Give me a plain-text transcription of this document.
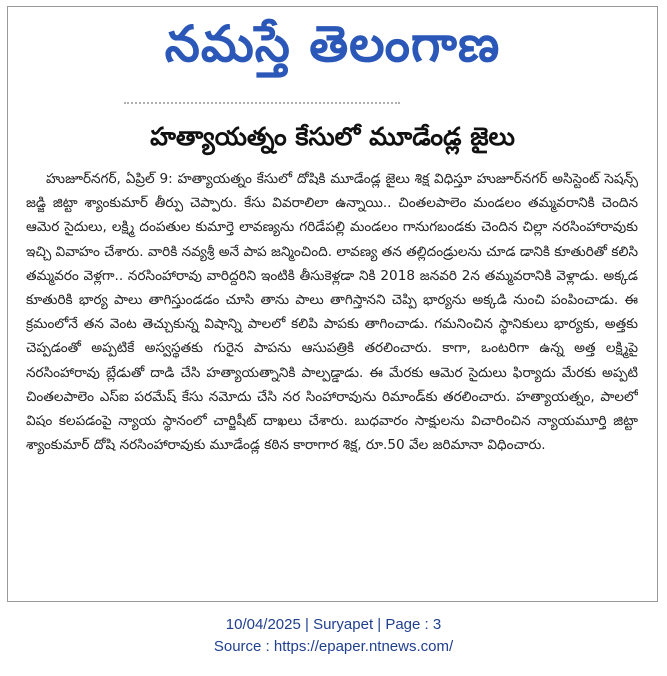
నమస్తే తెలంగాణ
హత్యాయత్నం కేసులో మూడేండ్ల జైలు

హుజూర్‌నగర్, ఏప్రిల్ 9: హత్యాయత్నం కేసులో దోషికి మూడేండ్ల జైలు శిక్ష విధిస్తూ హుజూర్‌నగర్ అసిస్టెంట్ సెషన్స్ జడ్జి జిట్టా శ్యాంకుమార్ తీర్పు చెప్పారు. కేసు వివరాలిలా ఉన్నాయి.. చింతలపాలెం మండలం తమ్మవరానికి చెందిన ఆమెర సైదులు, లక్ష్మి దంపతుల కుమార్తె లావణ్యను గరిడేపల్లి మండలం గానుగబండకు చెందిన చిల్లా నరసింహారావుకు ఇచ్చి వివాహం చేశారు. వారికి నవ్యశ్రీ అనే పాప జన్మించింది. లావణ్య తన తల్లిదండ్రులను చూడ డానికి కూతురితో కలిసి తమ్మవరం వెళ్లగా.. నరసింహారావు వారిద్దరిని ఇంటికి తీసుకెళ్లడా నికి 2018 జనవరి 2న తమ్మవరానికి వెళ్లాడు. అక్కడ కూతురికి భార్య పాలు తాగిస్తుండడం చూసి తాను పాలు తాగిస్తానని చెప్పి భార్యను అక్కడి నుంచి పంపించాడు. ఈ క్రమంలోనే తన వెంట తెచ్చుకున్న విషాన్ని పాలలో కలిపి పాపకు తాగించాడు. గమనించిన స్థానికులు భార్యకు, అత్తకు చెప్పడంతో అప్పటికే అస్వస్థతకు గురైన పాపను ఆసుపత్రికి తరలించారు. కాగా, ఒంటరిగా ఉన్న అత్త లక్ష్మిపై నరసింహారావు బ్లేడుతో దాడి చేసి హత్యాయత్నానికి పాల్పడ్డాడు. ఈ మేరకు ఆమెర సైదులు ఫిర్యాదు మేరకు అప్పటి చింతలపాలెం ఎస్ఐ పరమేష్ కేసు నమోదు చేసి నర సింహారావును రిమాండ్‌కు తరలించారు. హత్యాయత్నం, పాలలో విషం కలపడంపై న్యాయ స్థానంలో చార్జిషీట్ దాఖలు చేశారు. బుధవారం సాక్షులను విచారించిన న్యాయమూర్తి జిట్టా శ్యాంకుమార్ దోషి నరసింహారావుకు మూడేండ్ల కఠిన కారాగార శిక్ష, రూ.50 వేల జరిమానా విధించారు.

10/04/2025 | Suryapet | Page : 3
Source : https://epaper.ntnews.com/
